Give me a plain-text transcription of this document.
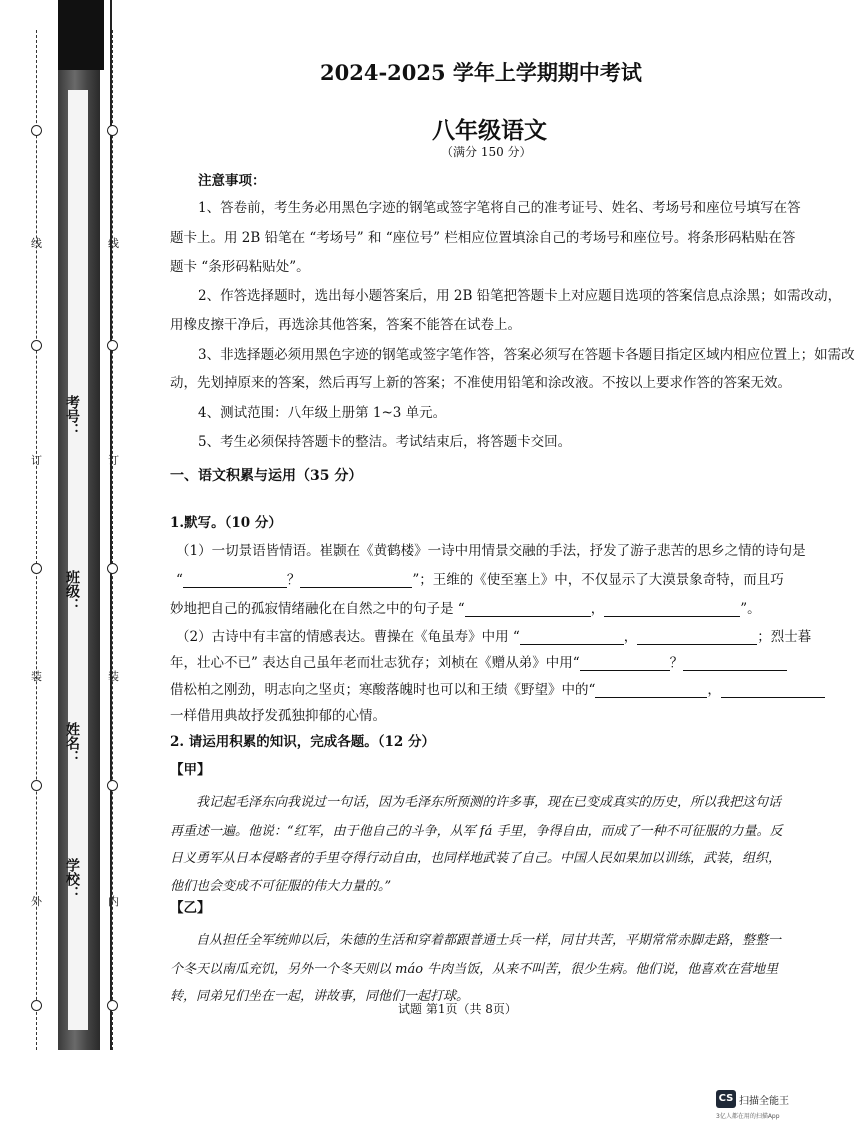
外
装
订
线
内
装
订
线
学校：
姓名：
班级：
考号：
2024-2025 学年上学期期中考试
八年级语文
（满分 150 分）
注意事项：
1、答卷前，考生务必用黑色字迹的钢笔或签字笔将自己的准考证号、姓名、考场号和座位号填写在答
题卡上。用 2B 铅笔在 “考场号” 和 “座位号” 栏相应位置填涂自己的考场号和座位号。将条形码粘贴在答
题卡 “条形码粘贴处”。
2、作答选择题时，选出每小题答案后，用 2B 铅笔把答题卡上对应题目选项的答案信息点涂黑；如需改动，
用橡皮擦干净后，再选涂其他答案，答案不能答在试卷上。
3、非选择题必须用黑色字迹的钢笔或签字笔作答，答案必须写在答题卡各题目指定区域内相应位置上；如需改
动，先划掉原来的答案，然后再写上新的答案；不准使用铅笔和涂改液。不按以上要求作答的答案无效。
4、测试范围：八年级上册第 1~3 单元。
5、考生必须保持答题卡的整洁。考试结束后，将答题卡交回。
一、语文积累与运用（35 分）
1.默写。（10 分）
（1）一切景语皆情语。崔颢在《黄鹤楼》一诗中用情景交融的手法，抒发了游子悲苦的思乡之情的诗句是
“	？	”；王维的《使至塞上》中，不仅显示了大漠景象奇特，而且巧
妙地把自己的孤寂情绪融化在自然之中的句子是 “	，	”。
（2）古诗中有丰富的情感表达。曹操在《龟虽寿》中用 “	，	；烈士暮
年，壮心不已” 表达自己虽年老而壮志犹存；刘桢在《赠从弟》中用“	？
借松柏之刚劲，明志向之坚贞；寒酸落魄时也可以和王绩《野望》中的“	，
一样借用典故抒发孤独抑郁的心情。
2. 请运用积累的知识，完成各题。（12 分）
【甲】
我记起毛泽东向我说过一句话，因为毛泽东所预测的许多事，现在已变成真实的历史，所以我把这句话
再重述一遍。他说：“红军，由于他自己的斗争，从军 fá 手里，争得自由，而成了一种不可征服的力量。反
日义勇军从日本侵略者的手里夺得行动自由，也同样地武装了自己。中国人民如果加以训练，武装，组织，
他们也会变成不可征服的伟大力量的。”
【乙】
自从担任全军统帅以后，朱德的生活和穿着都跟普通士兵一样，同甘共苦，平期常常赤脚走路，整整一
个冬天以南瓜充饥，另外一个冬天则以 máo 牛肉当饭，从来不叫苦，很少生病。他们说，他喜欢在营地里
转，同弟兄们坐在一起，讲故事，同他们一起打球。
试题 第1页（共 8页）
CS 扫描全能王
3亿人都在用的扫描App
